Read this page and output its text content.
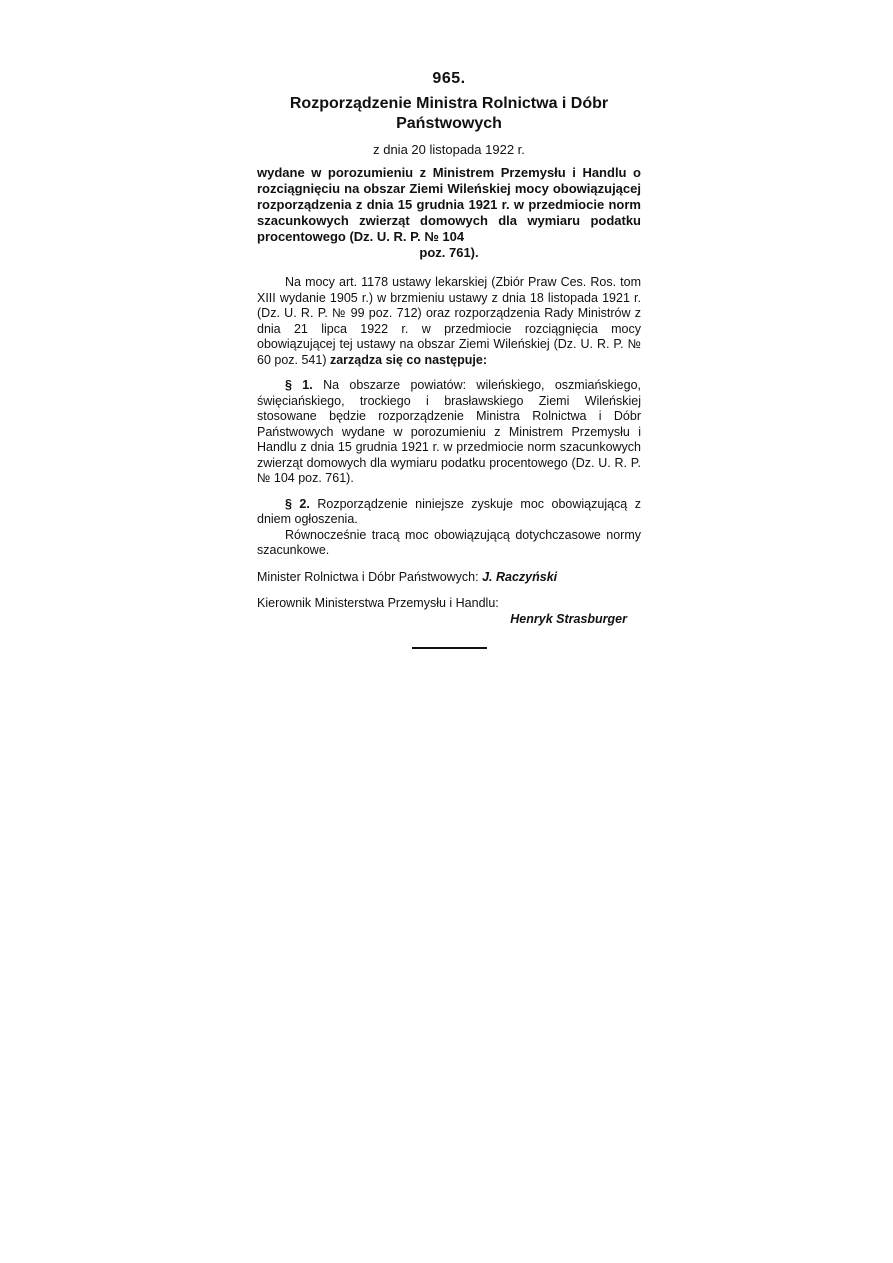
965.
Rozporządzenie Ministra Rolnictwa i Dóbr
Państwowych
z dnia 20 listopada 1922 r.

wydane w porozumieniu z Ministrem Przemysłu i Handlu o rozciągnięciu na obszar Ziemi Wileńskiej mocy obowiązującej rozporządzenia z dnia 15 grudnia 1921 r. w przedmiocie norm szacunkowych zwierząt domowych dla wymiaru podatku procentowego (Dz. U. R. P. № 104

poz. 761).

Na mocy art. 1178 ustawy lekarskiej (Zbiór Praw Ces. Ros. tom XIII wydanie 1905 r.) w brzmieniu ustawy z dnia 18 listopada 1921 r. (Dz. U. R. P. № 99 poz. 712) oraz rozporządzenia Rady Ministrów z dnia 21 lipca 1922 r. w przedmiocie rozciągnięcia mocy obowiązującej tej ustawy na obszar Ziemi Wileńskiej (Dz. U. R. P. № 60 poz. 541) zarządza się co następuje:

§ 1. Na obszarze powiatów: wileńskiego, oszmiańskiego, święciańskiego, trockiego i brasławskiego Ziemi Wileńskiej stosowane będzie rozporządzenie Ministra Rolnictwa i Dóbr Państwowych wydane w porozumieniu z Ministrem Przemysłu i Handlu z dnia 15 grudnia 1921 r. w przedmiocie norm szacunkowych zwierząt domowych dla wymiaru podatku procentowego (Dz. U. R. P. № 104 poz. 761).

§ 2. Rozporządzenie niniejsze zyskuje moc obowiązującą z dniem ogłoszenia.

Równocześnie tracą moc obowiązującą dotychczasowe normy szacunkowe.

Minister Rolnictwa i Dóbr Państwowych: J. Raczyński
Kierownik Ministerstwa Przemysłu i Handlu:
Henryk Strasburger
